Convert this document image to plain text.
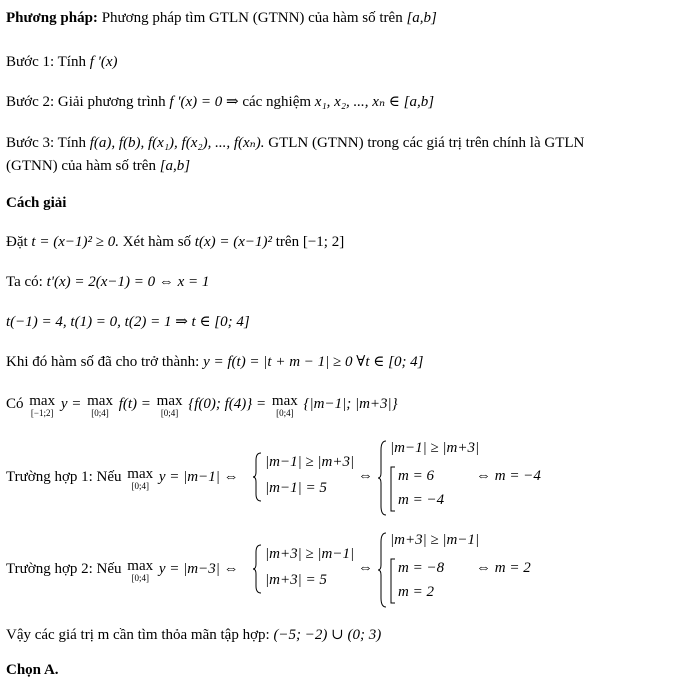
Phương pháp: Phương pháp tìm GTLN (GTNN) của hàm số trên [a,b]
Bước 1: Tính f '(x)
Bước 2: Giải phương trình f '(x) = 0 ⇒ các nghiệm x₁, x₂, ..., xₙ ∈ [a,b]
Bước 3: Tính f(a), f(b), f(x₁), f(x₂), ..., f(xₙ). GTLN (GTNN) trong các giá trị trên chính là GTLN
(GTNN) của hàm số trên [a,b]
Cách giải
Đặt t = (x−1)² ≥ 0. Xét hàm số t(x) = (x−1)² trên [−1; 2]
Ta có: t'(x) = 2(x−1) = 0 ⇔ x = 1
t(−1) = 4, t(1) = 0, t(2) = 1 ⇒ t ∈ [0; 4]
Khi đó hàm số đã cho trở thành: y = f(t) = |t + m − 1| ≥ 0 ∀t ∈ [0; 4]
Có max
[−1;2]
y = max
[0;4]
f(t) = max
[0;4]
{f(0); f(4)} = max
[0;4]
{|m−1|; |m+3|}
Trường hợp 1: Nếu max
[0;4]
y = |m−1| ⇔
|m−1| ≥ |m+3|
|m−1| = 5
⇔
|m−1| ≥ |m+3|
m = 6
m = −4
⇔ m = −4
Trường hợp 2: Nếu max
[0;4]
y = |m−3| ⇔
|m+3| ≥ |m−1|
|m+3| = 5
⇔
|m+3| ≥ |m−1|
m = −8
m = 2
⇔ m = 2
Vậy các giá trị m cần tìm thỏa mãn tập hợp: (−5; −2) ∪ (0; 3)
Chọn A.
